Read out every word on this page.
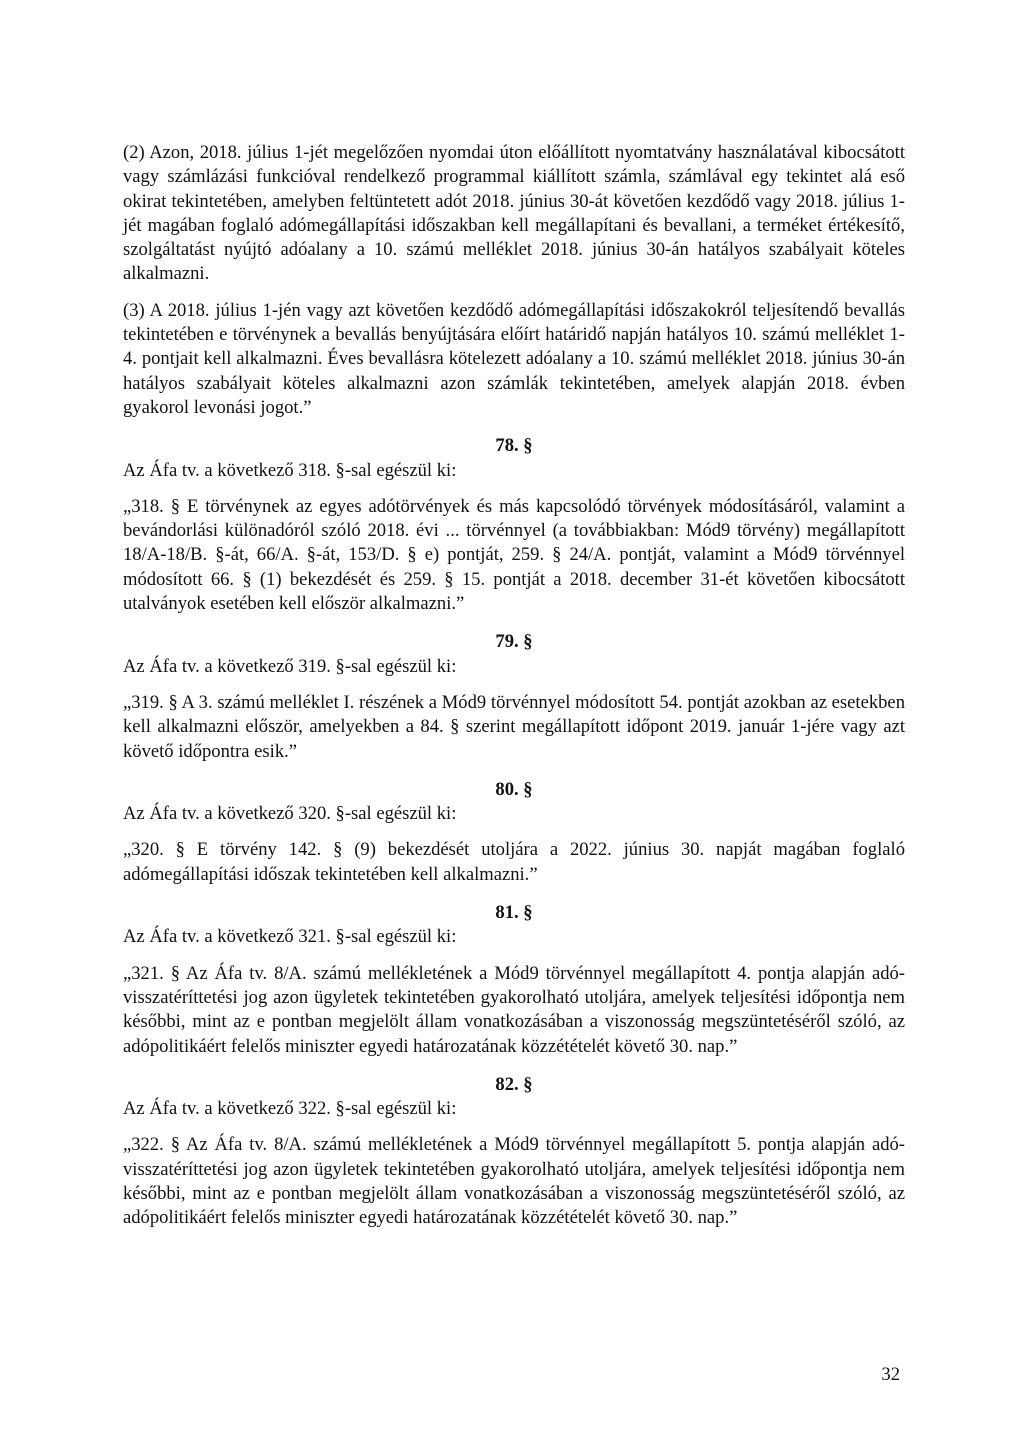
(2) Azon, 2018. július 1-jét megelőzően nyomdai úton előállított nyomtatvány használatával kibocsátott vagy számlázási funkcióval rendelkező programmal kiállított számla, számlával egy tekintet alá eső okirat tekintetében, amelyben feltüntetett adót 2018. június 30-át követően kezdődő vagy 2018. július 1-jét magában foglaló adómegállapítási időszakban kell megállapítani és bevallani, a terméket értékesítő, szolgáltatást nyújtó adóalany a 10. számú melléklet 2018. június 30-án hatályos szabályait köteles alkalmazni.

(3) A 2018. július 1-jén vagy azt követően kezdődő adómegállapítási időszakokról teljesítendő bevallás tekintetében e törvénynek a bevallás benyújtására előírt határidő napján hatályos 10. számú melléklet 1-4. pontjait kell alkalmazni. Éves bevallásra kötelezett adóalany a 10. számú melléklet 2018. június 30-án hatályos szabályait köteles alkalmazni azon számlák tekintetében, amelyek alapján 2018. évben gyakorol levonási jogot.”

78. §

Az Áfa tv. a következő 318. §-sal egészül ki:

„318. § E törvénynek az egyes adótörvények és más kapcsolódó törvények módosításáról, valamint a bevándorlási különadóról szóló 2018. évi ... törvénnyel (a továbbiakban: Mód9 törvény) megállapított 18/A-18/B. §-át, 66/A. §-át, 153/D. § e) pontját, 259. § 24/A. pontját, valamint a Mód9 törvénnyel módosított 66. § (1) bekezdését és 259. § 15. pontját a 2018. december 31-ét követően kibocsátott utalványok esetében kell először alkalmazni.”

79. §

Az Áfa tv. a következő 319. §-sal egészül ki:

„319. § A 3. számú melléklet I. részének a Mód9 törvénnyel módosított 54. pontját azokban az esetekben kell alkalmazni először, amelyekben a 84. § szerint megállapított időpont 2019. január 1-jére vagy azt követő időpontra esik.”

80. §

Az Áfa tv. a következő 320. §-sal egészül ki:

„320. § E törvény 142. § (9) bekezdését utoljára a 2022. június 30. napját magában foglaló adómegállapítási időszak tekintetében kell alkalmazni.”

81. §

Az Áfa tv. a következő 321. §-sal egészül ki:

„321. § Az Áfa tv. 8/A. számú mellékletének a Mód9 törvénnyel megállapított 4. pontja alapján adó-visszatéríttetési jog azon ügyletek tekintetében gyakorolható utoljára, amelyek teljesítési időpontja nem későbbi, mint az e pontban megjelölt állam vonatkozásában a viszonosság megszüntetéséről szóló, az adópolitikáért felelős miniszter egyedi határozatának közzétételét követő 30. nap.”

82. §

Az Áfa tv. a következő 322. §-sal egészül ki:

„322. § Az Áfa tv. 8/A. számú mellékletének a Mód9 törvénnyel megállapított 5. pontja alapján adó-visszatéríttetési jog azon ügyletek tekintetében gyakorolható utoljára, amelyek teljesítési időpontja nem későbbi, mint az e pontban megjelölt állam vonatkozásában a viszonosság megszüntetéséről szóló, az adópolitikáért felelős miniszter egyedi határozatának közzétételét követő 30. nap.”

32
